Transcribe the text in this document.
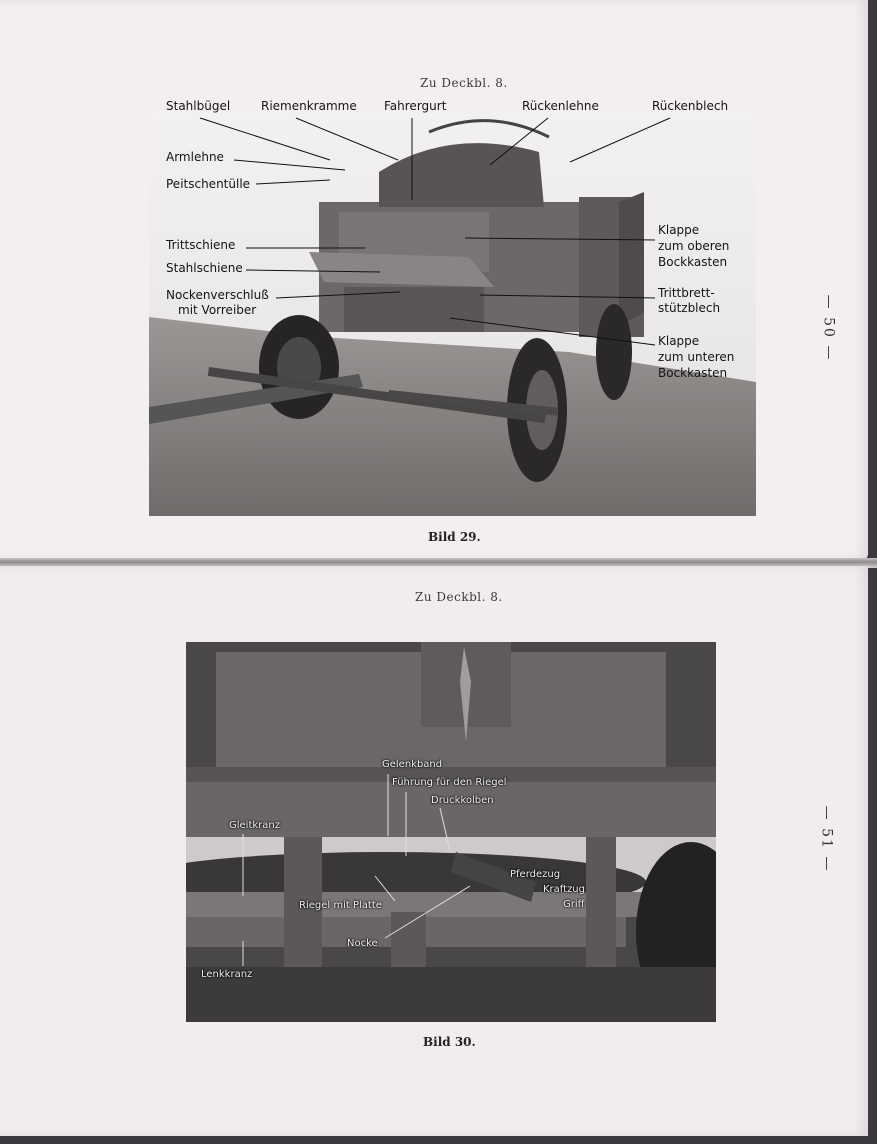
Zu Deckbl. 8.
Stahlbügel	Riemenkramme Fahrergurt	Rückenlehne	Rückenblech
Armlehne
Peitschentülle
Trittschiene
Stahlschiene
Nockenverschluß
mit Vorreiber
Klappe
zum oberen
Bockkasten
Trittbrett-
stützblech
Klappe
zum unteren
Bockkasten
Bild 29.
— 50 —
Zu Deckbl. 8.
Gelenkband
Führung für den Riegel
Druckkolben
Gleitkranz
Pferdezug
Kraftzug
Griff
Riegel mit Platte
Nocke
Lenkkranz
Bild 30.
— 51 —
